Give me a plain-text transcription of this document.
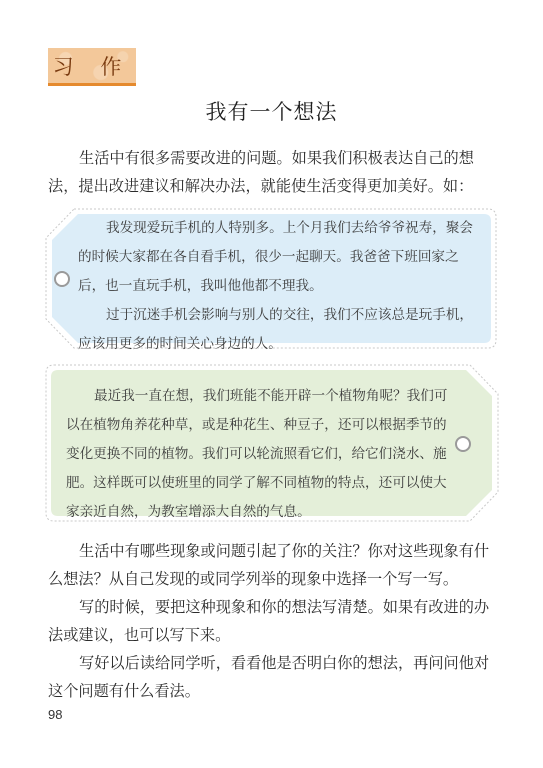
习 作
我有一个想法

生活中有很多需要改进的问题。如果我们积极表达自己的想法，提出改进建议和解决办法，就能使生活变得更加美好。如：

我发现爱玩手机的人特别多。上个月我们去给爷爷祝寿，聚会的时候大家都在各自看手机，很少一起聊天。我爸爸下班回家之后，也一直玩手机，我叫他他都不理我。

过于沉迷手机会影响与别人的交往，我们不应该总是玩手机，应该用更多的时间关心身边的人。

最近我一直在想，我们班能不能开辟一个植物角呢？我们可以在植物角养花种草，或是种花生、种豆子，还可以根据季节的变化更换不同的植物。我们可以轮流照看它们，给它们浇水、施肥。这样既可以使班里的同学了解不同植物的特点，还可以使大家亲近自然，为教室增添大自然的气息。

生活中有哪些现象或问题引起了你的关注？你对这些现象有什么想法？从自己发现的或同学列举的现象中选择一个写一写。

写的时候，要把这种现象和你的想法写清楚。如果有改进的办法或建议，也可以写下来。

写好以后读给同学听，看看他是否明白你的想法，再问问他对这个问题有什么看法。

98
